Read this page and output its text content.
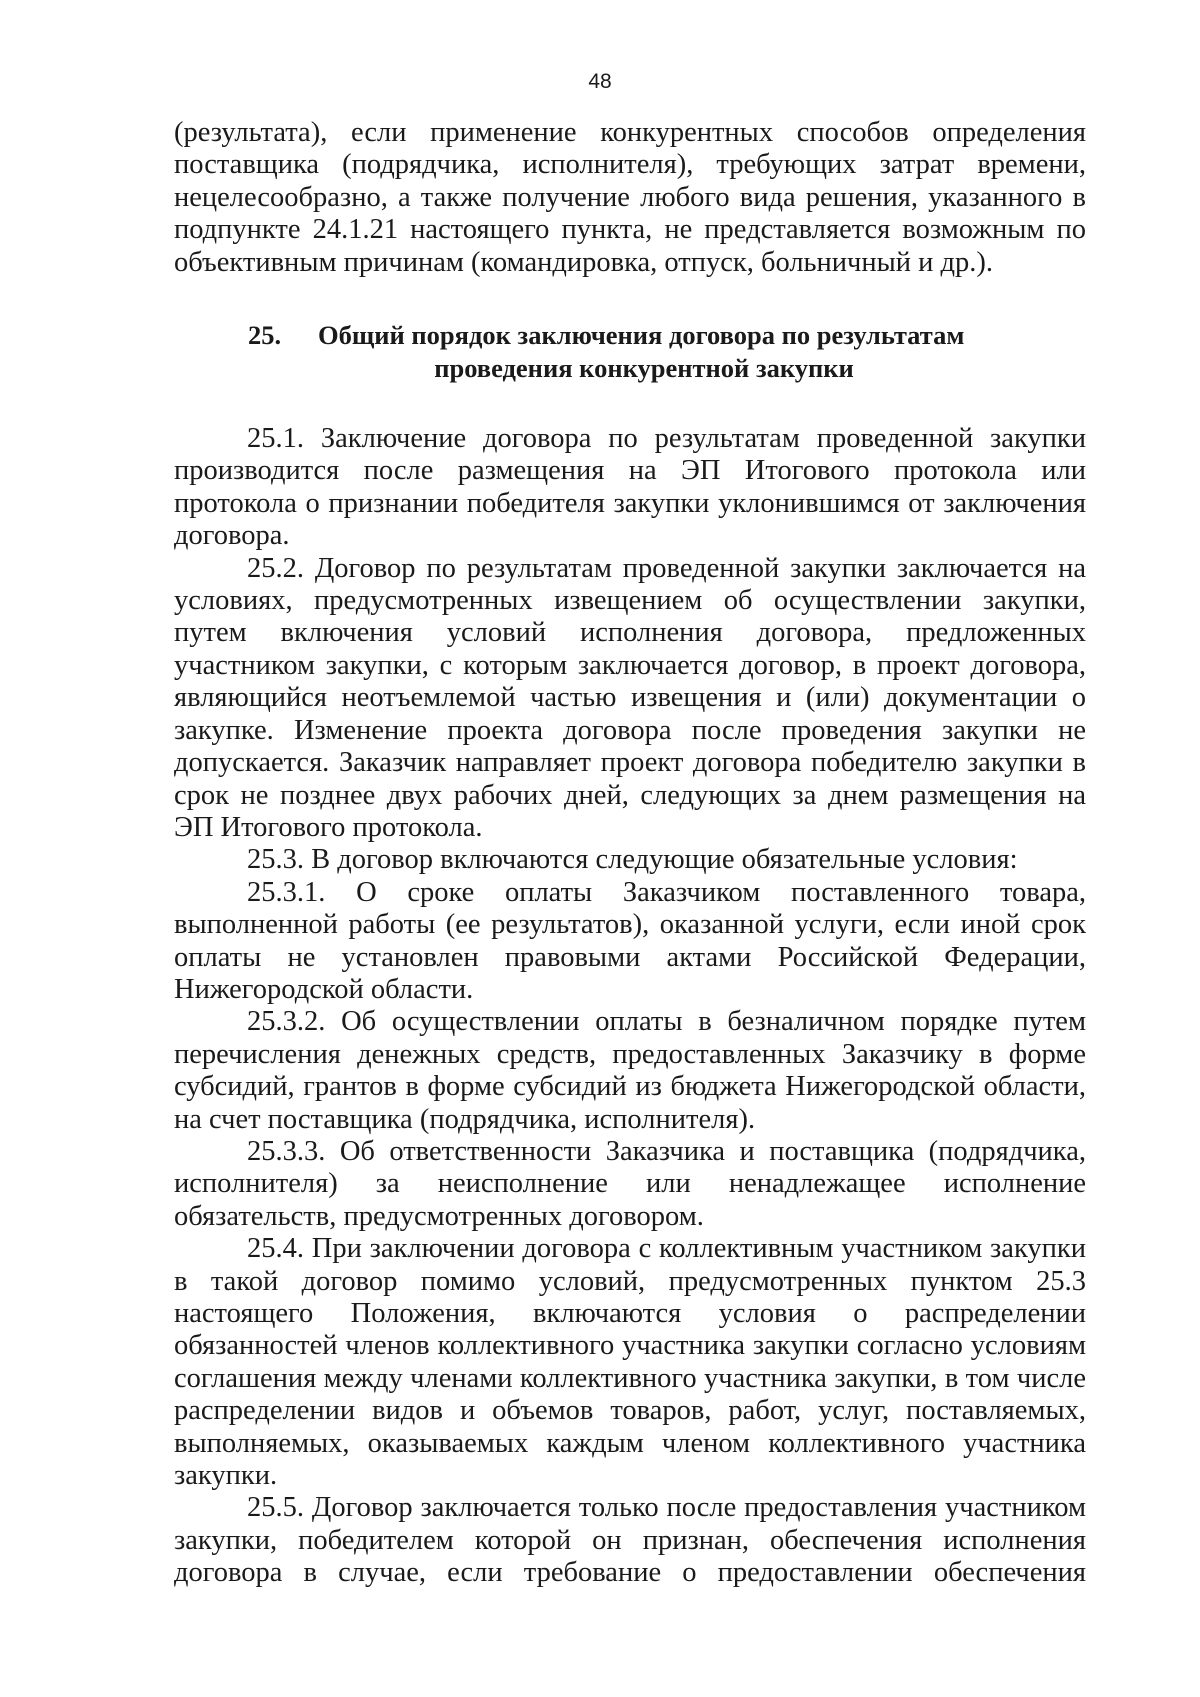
48

(результата), если применение конкурентных способов определения поставщика (подрядчика, исполнителя), требующих затрат времени, нецелесообразно, а также получение любого вида решения, указанного в подпункте 24.1.21 настоящего пункта, не представляется возможным по объективным причинам (командировка, отпуск, больничный и др.).

25. Общий порядок заключения договора по результатам
проведения конкурентной закупки

25.1. Заключение договора по результатам проведенной закупки производится после размещения на ЭП Итогового протокола или протокола о признании победителя закупки уклонившимся от заключения договора.

25.2. Договор по результатам проведенной закупки заключается на условиях, предусмотренных извещением об осуществлении закупки, путем включения условий исполнения договора, предложенных участником закупки, с которым заключается договор, в проект договора, являющийся неотъемлемой частью извещения и (или) документации о закупке. Изменение проекта договора после проведения закупки не допускается. Заказчик направляет проект договора победителю закупки в срок не позднее двух рабочих дней, следующих за днем размещения на ЭП Итогового протокола.

25.3. В договор включаются следующие обязательные условия:

25.3.1. О сроке оплаты Заказчиком поставленного товара, выполненной работы (ее результатов), оказанной услуги, если иной срок оплаты не установлен правовыми актами Российской Федерации, Нижегородской области.

25.3.2. Об осуществлении оплаты в безналичном порядке путем перечисления денежных средств, предоставленных Заказчику в форме субсидий, грантов в форме субсидий из бюджета Нижегородской области, на счет поставщика (подрядчика, исполнителя).

25.3.3. Об ответственности Заказчика и поставщика (подрядчика, исполнителя) за неисполнение или ненадлежащее исполнение обязательств, предусмотренных договором.

25.4. При заключении договора с коллективным участником закупки в такой договор помимо условий, предусмотренных пунктом 25.3 настоящего Положения, включаются условия о распределении обязанностей членов коллективного участника закупки согласно условиям соглашения между членами коллективного участника закупки, в том числе распределении видов и объемов товаров, работ, услуг, поставляемых, выполняемых, оказываемых каждым членом коллективного участника закупки.

25.5. Договор заключается только после предоставления участником закупки, победителем которой он признан, обеспечения исполнения договора в случае, если требование о предоставлении обеспечения
